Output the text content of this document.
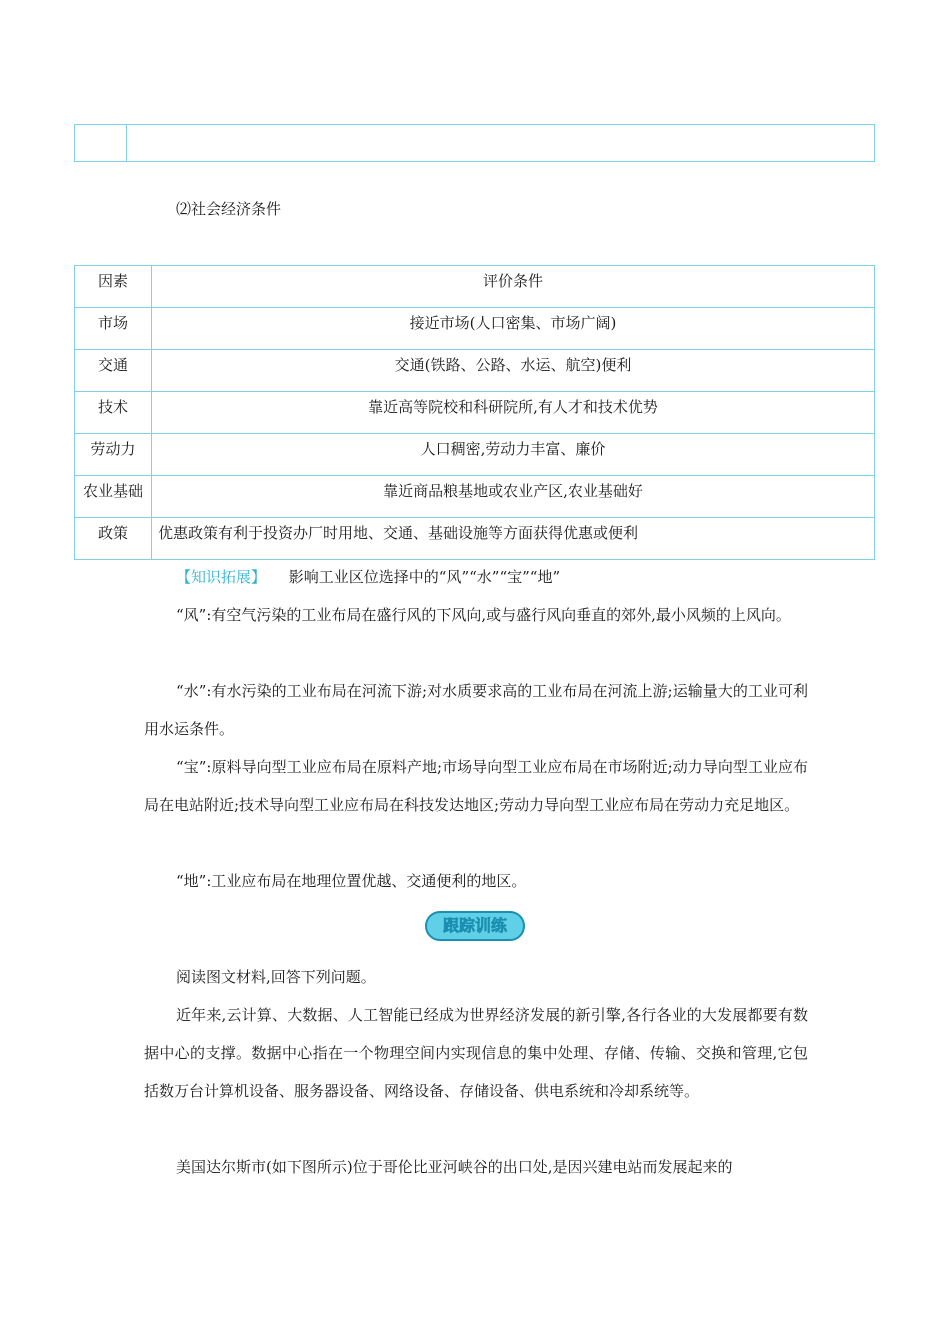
⑵社会经济条件
因素	评价条件
市场	接近市场(人口密集、市场广阔)
交通	交通(铁路、公路、水运、航空)便利
技术	靠近高等院校和科研院所,有人才和技术优势
劳动力	人口稠密,劳动力丰富、廉价
农业基础	靠近商品粮基地或农业产区,农业基础好
政策	优惠政策有利于投资办厂时用地、交通、基础设施等方面获得优惠或便利
【知识拓展】 影响工业区位选择中的“风”“水”“宝”“地”
“风”:有空气污染的工业布局在盛行风的下风向,或与盛行风向垂直的郊外,最小风频的上风向。
“水”:有水污染的工业布局在河流下游;对水质要求高的工业布局在河流上游;运输量大的工业可利用水运条件。
“宝”:原料导向型工业应布局在原料产地;市场导向型工业应布局在市场附近;动力导向型工业应布局在电站附近;技术导向型工业应布局在科技发达地区;劳动力导向型工业应布局在劳动力充足地区。
“地”:工业应布局在地理位置优越、交通便利的地区。
跟踪训练
阅读图文材料,回答下列问题。
近年来,云计算、大数据、人工智能已经成为世界经济发展的新引擎,各行各业的大发展都要有数据中心的支撑。数据中心指在一个物理空间内实现信息的集中处理、存储、传输、交换和管理,它包括数万台计算机设备、服务器设备、网络设备、存储设备、供电系统和冷却系统等。
美国达尔斯市(如下图所示)位于哥伦比亚河峡谷的出口处,是因兴建电站而发展起来的
